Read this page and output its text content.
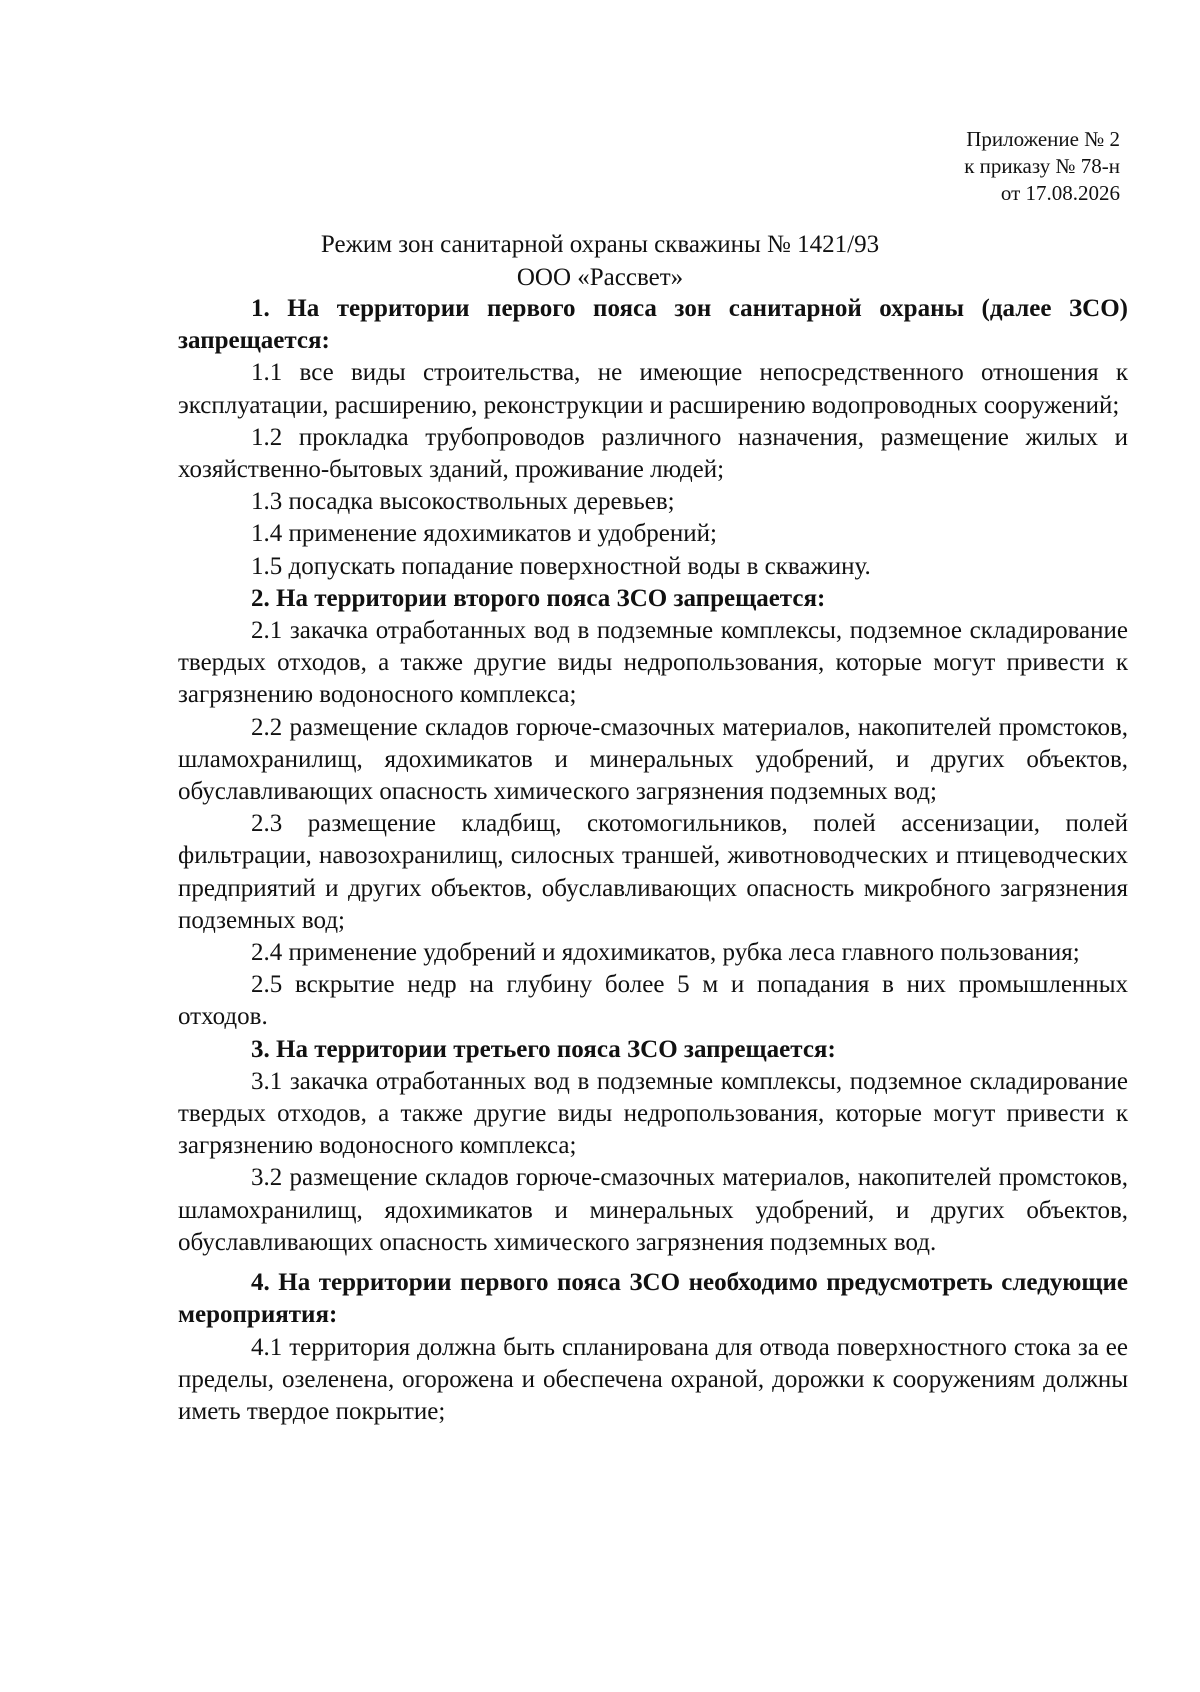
Приложение № 2
к приказу № 78-н
от 17.08.2026
Режим зон санитарной охраны скважины № 1421/93
ООО «Рассвет»

1. На территории первого пояса зон санитарной охраны (далее ЗСО) запрещается:

1.1 все виды строительства, не имеющие непосредственного отношения к эксплуатации, расширению, реконструкции и расширению водопроводных сооружений;

1.2 прокладка трубопроводов различного назначения, размещение жилых и хозяйственно-бытовых зданий, проживание людей;

1.3 посадка высокоствольных деревьев;

1.4 применение ядохимикатов и удобрений;

1.5 допускать попадание поверхностной воды в скважину.

2. На территории второго пояса ЗСО запрещается:

2.1 закачка отработанных вод в подземные комплексы, подземное складирование твердых отходов, а также другие виды недропользования, которые могут привести к загрязнению водоносного комплекса;

2.2 размещение складов горюче-смазочных материалов, накопителей промстоков, шламохранилищ, ядохимикатов и минеральных удобрений, и других объектов, обуславливающих опасность химического загрязнения подземных вод;

2.3 размещение кладбищ, скотомогильников, полей ассенизации, полей фильтрации, навозохранилищ, силосных траншей, животноводческих и птицеводческих предприятий и других объектов, обуславливающих опасность микробного загрязнения подземных вод;

2.4 применение удобрений и ядохимикатов, рубка леса главного пользования;

2.5 вскрытие недр на глубину более 5 м и попадания в них промышленных отходов.

3. На территории третьего пояса ЗСО запрещается:

3.1 закачка отработанных вод в подземные комплексы, подземное складирование твердых отходов, а также другие виды недропользования, которые могут привести к загрязнению водоносного комплекса;

3.2 размещение складов горюче-смазочных материалов, накопителей промстоков, шламохранилищ, ядохимикатов и минеральных удобрений, и других объектов, обуславливающих опасность химического загрязнения подземных вод.

4. На территории первого пояса ЗСО необходимо предусмотреть следующие мероприятия:

4.1 территория должна быть спланирована для отвода поверхностного стока за ее пределы, озеленена, огорожена и обеспечена охраной, дорожки к сооружениям должны иметь твердое покрытие;
